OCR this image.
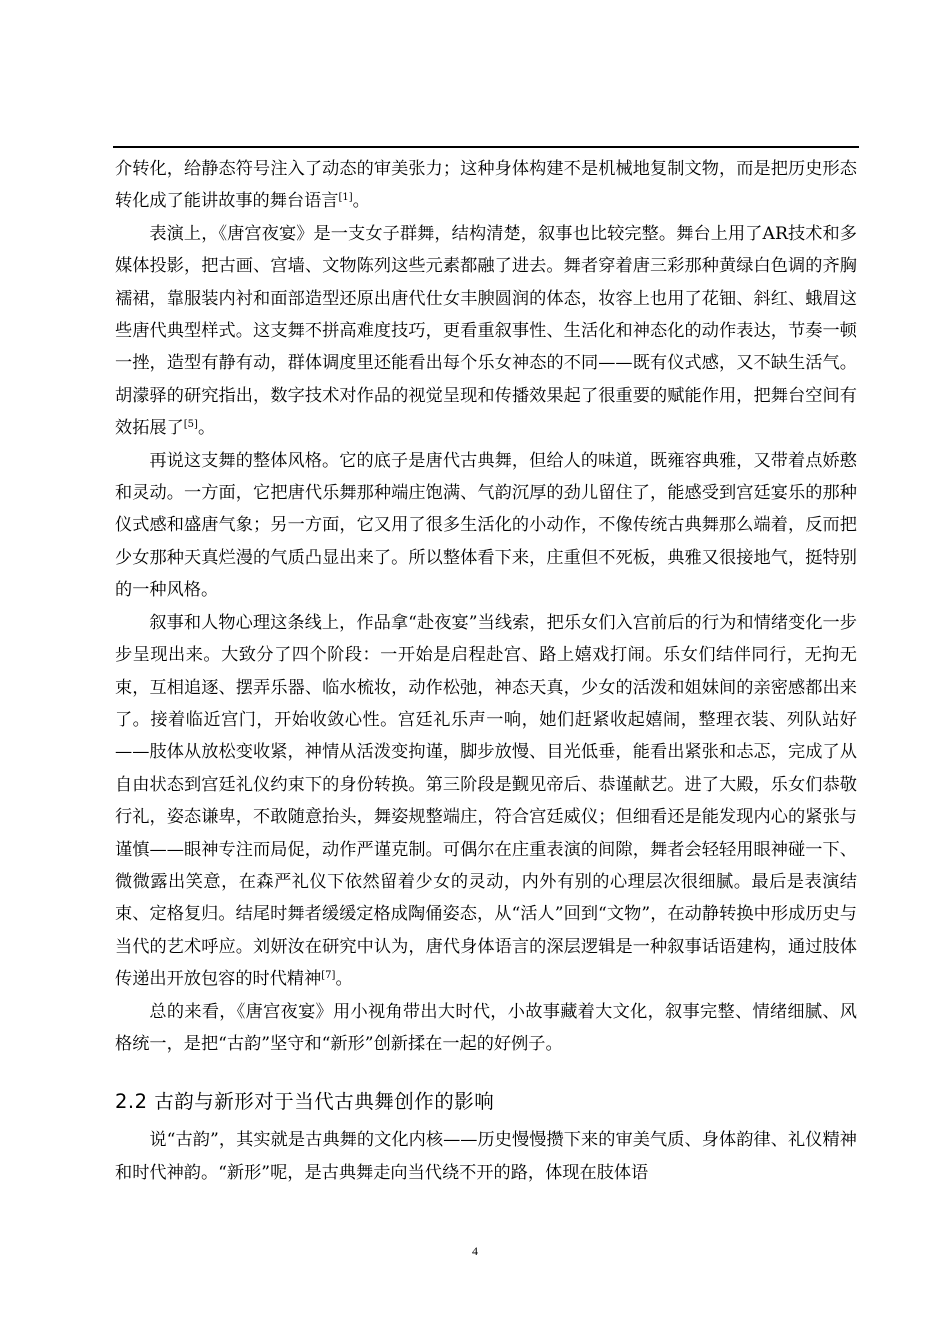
介转化，给静态符号注入了动态的审美张力；这种身体构建不是机械地复制文物，而是把历史形态转化成了能讲故事的舞台语言[1]。

表演上，《唐宫夜宴》是一支女子群舞，结构清楚，叙事也比较完整。舞台上用了AR技术和多媒体投影，把古画、宫墙、文物陈列这些元素都融了进去。舞者穿着唐三彩那种黄绿白色调的齐胸襦裙，靠服装内衬和面部造型还原出唐代仕女丰腴圆润的体态，妆容上也用了花钿、斜红、蛾眉这些唐代典型样式。这支舞不拼高难度技巧，更看重叙事性、生活化和神态化的动作表达，节奏一顿一挫，造型有静有动，群体调度里还能看出每个乐女神态的不同——既有仪式感，又不缺生活气。胡濛驿的研究指出，数字技术对作品的视觉呈现和传播效果起了很重要的赋能作用，把舞台空间有效拓展了[5]。

再说这支舞的整体风格。它的底子是唐代古典舞，但给人的味道，既雍容典雅，又带着点娇憨和灵动。一方面，它把唐代乐舞那种端庄饱满、气韵沉厚的劲儿留住了，能感受到宫廷宴乐的那种仪式感和盛唐气象；另一方面，它又用了很多生活化的小动作，不像传统古典舞那么端着，反而把少女那种天真烂漫的气质凸显出来了。所以整体看下来，庄重但不死板，典雅又很接地气，挺特别的一种风格。

叙事和人物心理这条线上，作品拿“赴夜宴”当线索，把乐女们入宫前后的行为和情绪变化一步步呈现出来。大致分了四个阶段：一开始是启程赴宫、路上嬉戏打闹。乐女们结伴同行，无拘无束，互相追逐、摆弄乐器、临水梳妆，动作松弛，神态天真，少女的活泼和姐妹间的亲密感都出来了。接着临近宫门，开始收敛心性。宫廷礼乐声一响，她们赶紧收起嬉闹，整理衣装、列队站好——肢体从放松变收紧，神情从活泼变拘谨，脚步放慢、目光低垂，能看出紧张和忐忑，完成了从自由状态到宫廷礼仪约束下的身份转换。第三阶段是觐见帝后、恭谨献艺。进了大殿，乐女们恭敬行礼，姿态谦卑，不敢随意抬头，舞姿规整端庄，符合宫廷威仪；但细看还是能发现内心的紧张与谨慎——眼神专注而局促，动作严谨克制。可偶尔在庄重表演的间隙，舞者会轻轻用眼神碰一下、微微露出笑意，在森严礼仪下依然留着少女的灵动，内外有别的心理层次很细腻。最后是表演结束、定格复归。结尾时舞者缓缓定格成陶俑姿态，从“活人”回到“文物”，在动静转换中形成历史与当代的艺术呼应。刘妍汝在研究中认为，唐代身体语言的深层逻辑是一种叙事话语建构，通过肢体传递出开放包容的时代精神[7]。

总的来看，《唐宫夜宴》用小视角带出大时代，小故事藏着大文化，叙事完整、情绪细腻、风格统一，是把“古韵”坚守和“新形”创新揉在一起的好例子。

2.2 古韵与新形对于当代古典舞创作的影响

说“古韵”，其实就是古典舞的文化内核——历史慢慢攒下来的审美气质、身体韵律、礼仪精神和时代神韵。“新形”呢，是古典舞走向当代绕不开的路，体现在肢体语

4
